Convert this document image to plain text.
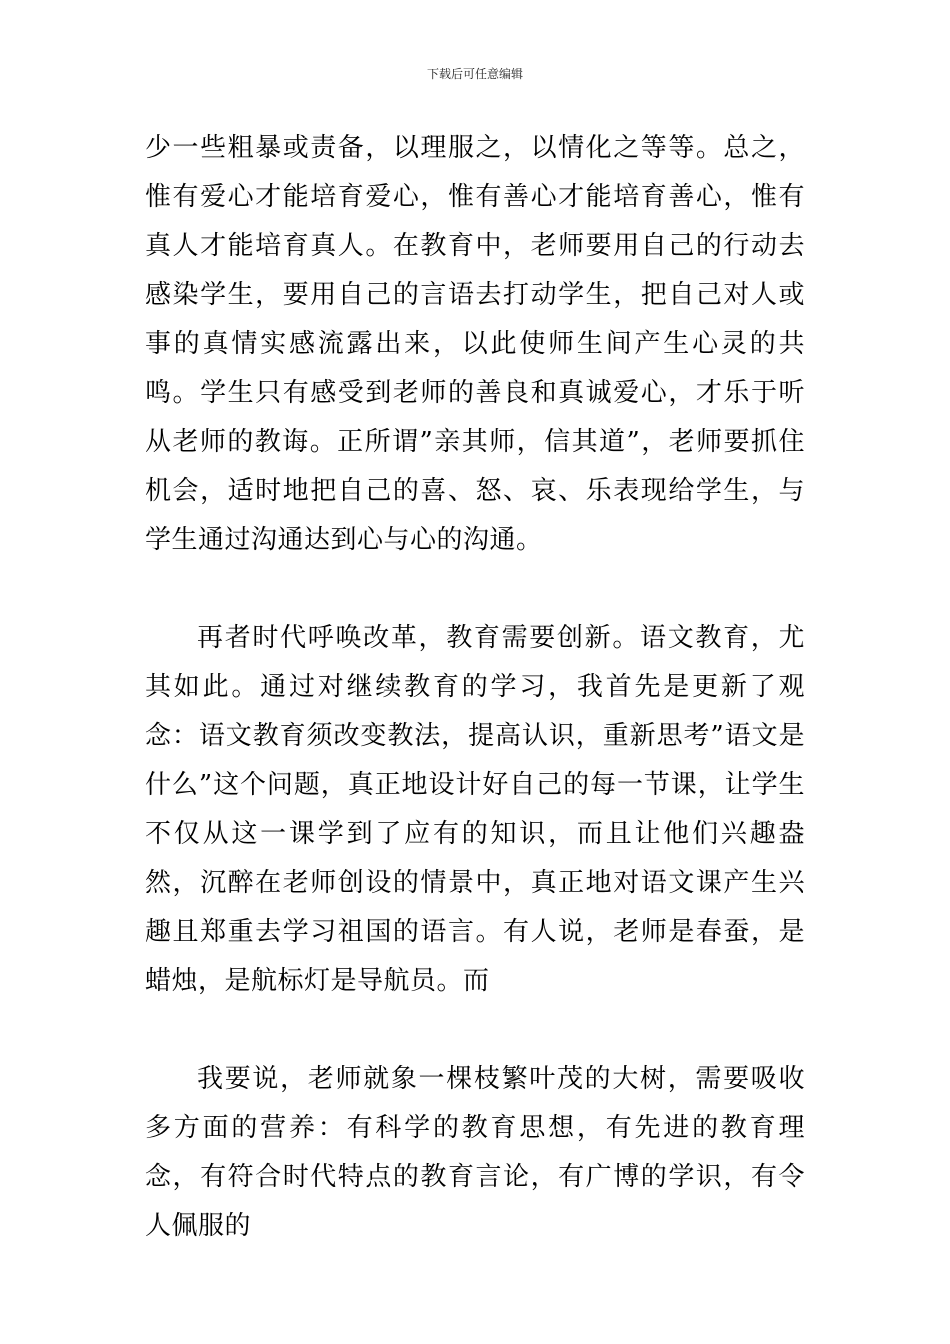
下载后可任意编辑

少一些粗暴或责备，以理服之，以情化之等等。总之，惟有爱心才能培育爱心，惟有善心才能培育善心，惟有真人才能培育真人。在教育中，老师要用自己的行动去感染学生，要用自己的言语去打动学生，把自己对人或事的真情实感流露出来，以此使师生间产生心灵的共鸣。学生只有感受到老师的善良和真诚爱心，才乐于听从老师的教诲。正所谓”亲其师，信其道”，老师要抓住机会，适时地把自己的喜、怒、哀、乐表现给学生，与学生通过沟通达到心与心的沟通。

再者时代呼唤改革，教育需要创新。语文教育，尤其如此。通过对继续教育的学习，我首先是更新了观念：语文教育须改变教法，提高认识，重新思考”语文是什么”这个问题，真正地设计好自己的每一节课，让学生不仅从这一课学到了应有的知识，而且让他们兴趣盎然，沉醉在老师创设的情景中，真正地对语文课产生兴趣且郑重去学习祖国的语言。有人说，老师是春蚕，是蜡烛，是航标灯是导航员。而

我要说，老师就象一棵枝繁叶茂的大树，需要吸收多方面的营养：有科学的教育思想，有先进的教育理念，有符合时代特点的教育言论，有广博的学识，有令人佩服的
